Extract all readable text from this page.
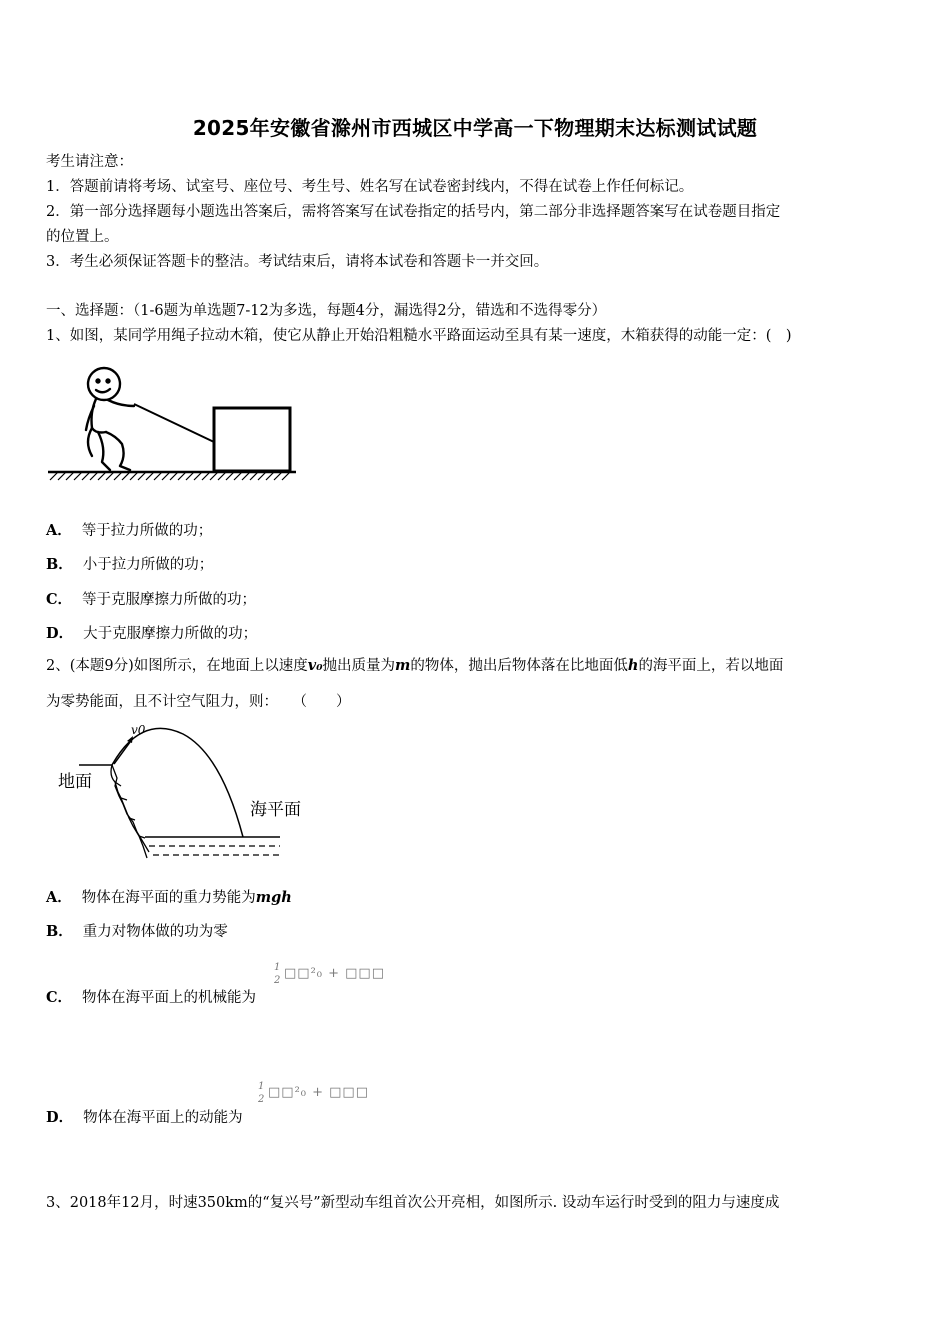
2025年安徽省滁州市西城区中学高一下物理期末达标测试试题
考生请注意：
1．答题前请将考场、试室号、座位号、考生号、姓名写在试卷密封线内，不得在试卷上作任何标记。
2．第一部分选择题每小题选出答案后，需将答案写在试卷指定的括号内，第二部分非选择题答案写在试卷题目指定
的位置上。
3．考生必须保证答题卡的整洁。考试结束后，请将本试卷和答题卡一并交回。
一、选择题：（1-6题为单选题7-12为多选，每题4分，漏选得2分，错选和不选得零分）
1、如图，某同学用绳子拉动木箱，使它从静止开始沿粗糙水平路面运动至具有某一速度，木箱获得的动能一定：(　)
A． 等于拉力所做的功；
B． 小于拉力所做的功；
C． 等于克服摩擦力所做的功；
D． 大于克服摩擦力所做的功；
2、(本题9分)如图所示，在地面上以速度v₀抛出质量为m的物体，抛出后物体落在比地面低h的海平面上，若以地面
为零势能面，且不计空气阻力，则：　　（　　）
v0
地面
海平面
A． 物体在海平面的重力势能为mgh
B． 重力对物体做的功为零
C． 物体在海平面上的机械能为
1
2 □□²₀ + □□□
D． 物体在海平面上的动能为
1
2 □□²₀ + □□□
3、2018年12月，时速350km的“复兴号”新型动车组首次公开亮相，如图所示. 设动车运行时受到的阻力与速度成
